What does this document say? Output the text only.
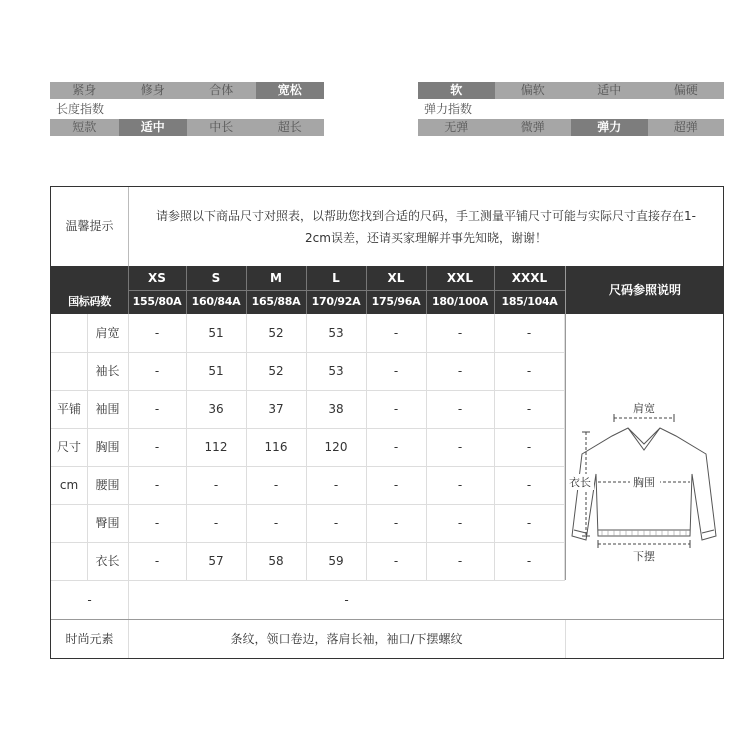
紧身	修身	合体	宽松
长度指数
短款	适中	中长	超长
软	偏软	适中	偏硬
弹力指数
无弹	微弹	弹力	超弹
温馨提示
请参照以下商品尺寸对照表，以帮助您找到合适的尺码，手工测量平铺尺寸可能与实际尺寸直接存在1-
2cm误差，还请买家理解并事先知晓，谢谢！
国标码数
XS	S	M	L	XL	XXL	XXXL
155/80A 160/84A	165/88A	170/92A	175/96A	180/100A	185/104A
平铺
尺寸
cm
肩宽	-	51	52	53	-	-	-
袖长	-	51	52	53	-	-	-
袖围	-	36	37	38	-	-	-
胸围	-	112	116	120	-	-	-
腰围	-	-	-	-	-	-	-
臀围	-	-	-	-	-	-	-
衣长	-	57	58	59	-	-	-
尺码参照说明
肩宽
胸围
衣长
下摆
-	-
时尚元素	条纹，领口卷边，落肩长袖，袖口/下摆螺纹
